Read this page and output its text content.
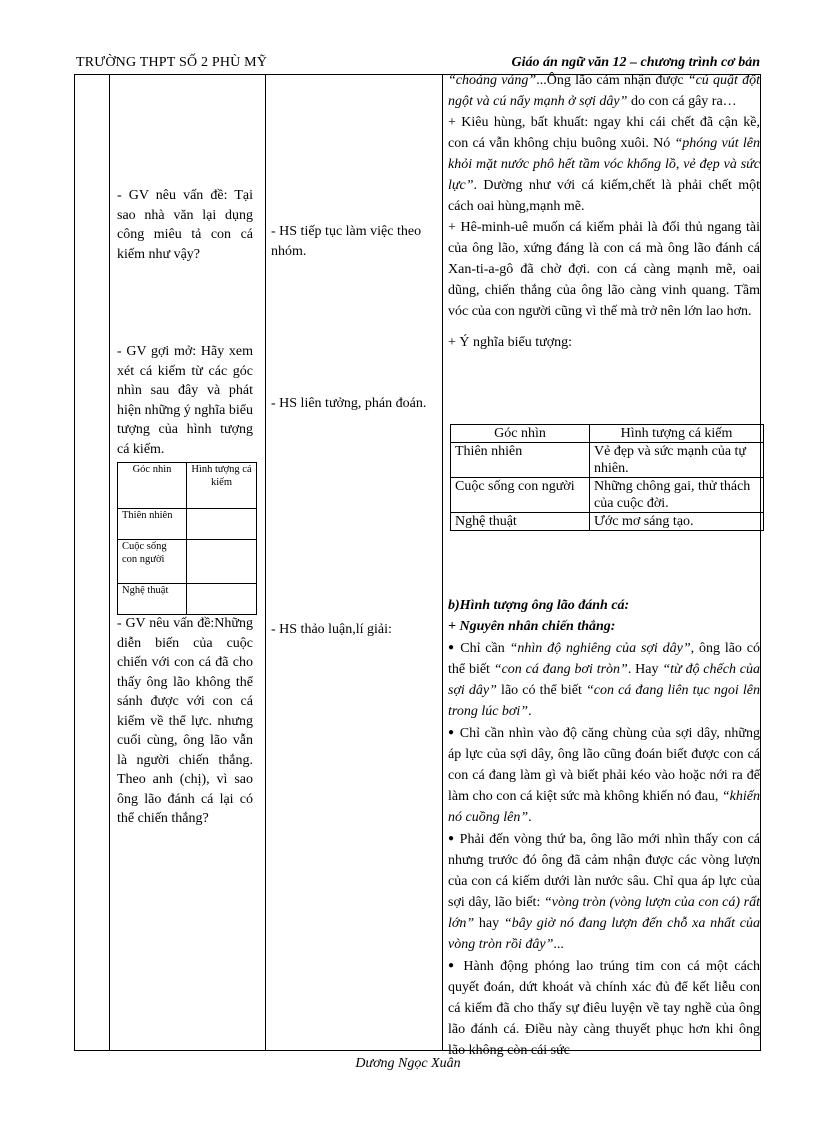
TRƯỜNG THPT SỐ 2 PHÙ MỸ	Giáo án ngữ văn 12 – chương trình cơ bản
- GV nêu vấn đề: Tại sao nhà văn lại dụng công miêu tả con cá kiếm như vậy?
- GV gợi mở: Hãy xem xét cá kiếm từ các góc nhìn sau đây và phát hiện những ý nghĩa biểu tượng của hình tượng cá kiếm.
Góc nhìn	Hình tượng cá kiếm
Thiên nhiên	
Cuộc sống con người	
Nghệ thuật	
- GV nêu vấn đề:Những diễn biến của cuộc chiến với con cá đã cho thấy ông lão không thể sánh được với con cá kiếm về thể lực. nhưng cuối cùng, ông lão vẫn là người chiến thắng. Theo anh (chị), vì sao ông lão đánh cá lại có thể chiến thắng?
- HS tiếp tục làm việc theo nhóm.
- HS liên tưởng, phán đoán.
- HS thảo luận,lí giải:

“choáng váng”...Ông lão cảm nhận được “cú quật đột ngột và cú nẩy mạnh ở sợi dây” do con cá gây ra…

+ Kiêu hùng, bất khuất: ngay khi cái chết đã cận kề, con cá vẫn không chịu buông xuôi. Nó “phóng vút lên khỏi mặt nước phô hết tầm vóc khổng lồ, vẻ đẹp và sức lực”. Dường như với cá kiếm,chết là phải chết một cách oai hùng,mạnh mẽ.

+ Hê-minh-uê muốn cá kiếm phải là đối thủ ngang tài của ông lão, xứng đáng là con cá mà ông lão đánh cá Xan-ti-a-gô đã chờ đợi. con cá càng mạnh mẽ, oai dũng, chiến thắng của ông lão càng vinh quang. Tầm vóc của con người cũng vì thế mà trở nên lớn lao hơn.

+ Ý nghĩa biểu tượng:

Góc nhìn	Hình tượng cá kiếm
Thiên nhiên	Vẻ đẹp và sức mạnh của tự nhiên.
Cuộc sống con người	Những chông gai, thử thách của cuộc đời.
Nghệ thuật	Ước mơ sáng tạo.

b)Hình tượng ông lão đánh cá:

+ Nguyên nhân chiến thắng:

● Chỉ cần “nhìn độ nghiêng của sợi dây”, ông lão có thể biết “con cá đang bơi tròn”. Hay “từ độ chếch của sợi dây” lão có thể biết “con cá đang liên tục ngoi lên trong lúc bơi”.

● Chỉ cần nhìn vào độ căng chùng của sợi dây, những áp lực của sợi dây, ông lão cũng đoán biết được con cá con cá đang làm gì và biết phải kéo vào hoặc nới ra để làm cho con cá kiệt sức mà không khiến nó đau, “khiến nó cuồng lên”.

● Phải đến vòng thứ ba, ông lão mới nhìn thấy con cá nhưng trước đó ông đã cảm nhận được các vòng lượn của con cá kiếm dưới làn nước sâu. Chỉ qua áp lực của sợi dây, lão biết: “vòng tròn (vòng lượn của con cá) rất lớn” hay “bây giờ nó đang lượn đến chỗ xa nhất của vòng tròn rồi đây”...

● Hành động phóng lao trúng tim con cá một cách quyết đoán, dứt khoát và chính xác đủ để kết liễu con cá kiếm đã cho thấy sự điêu luyện về tay nghề của ông lão đánh cá. Điều này càng thuyết phục hơn khi ông lão không còn cái sức

Dương Ngọc Xuân
